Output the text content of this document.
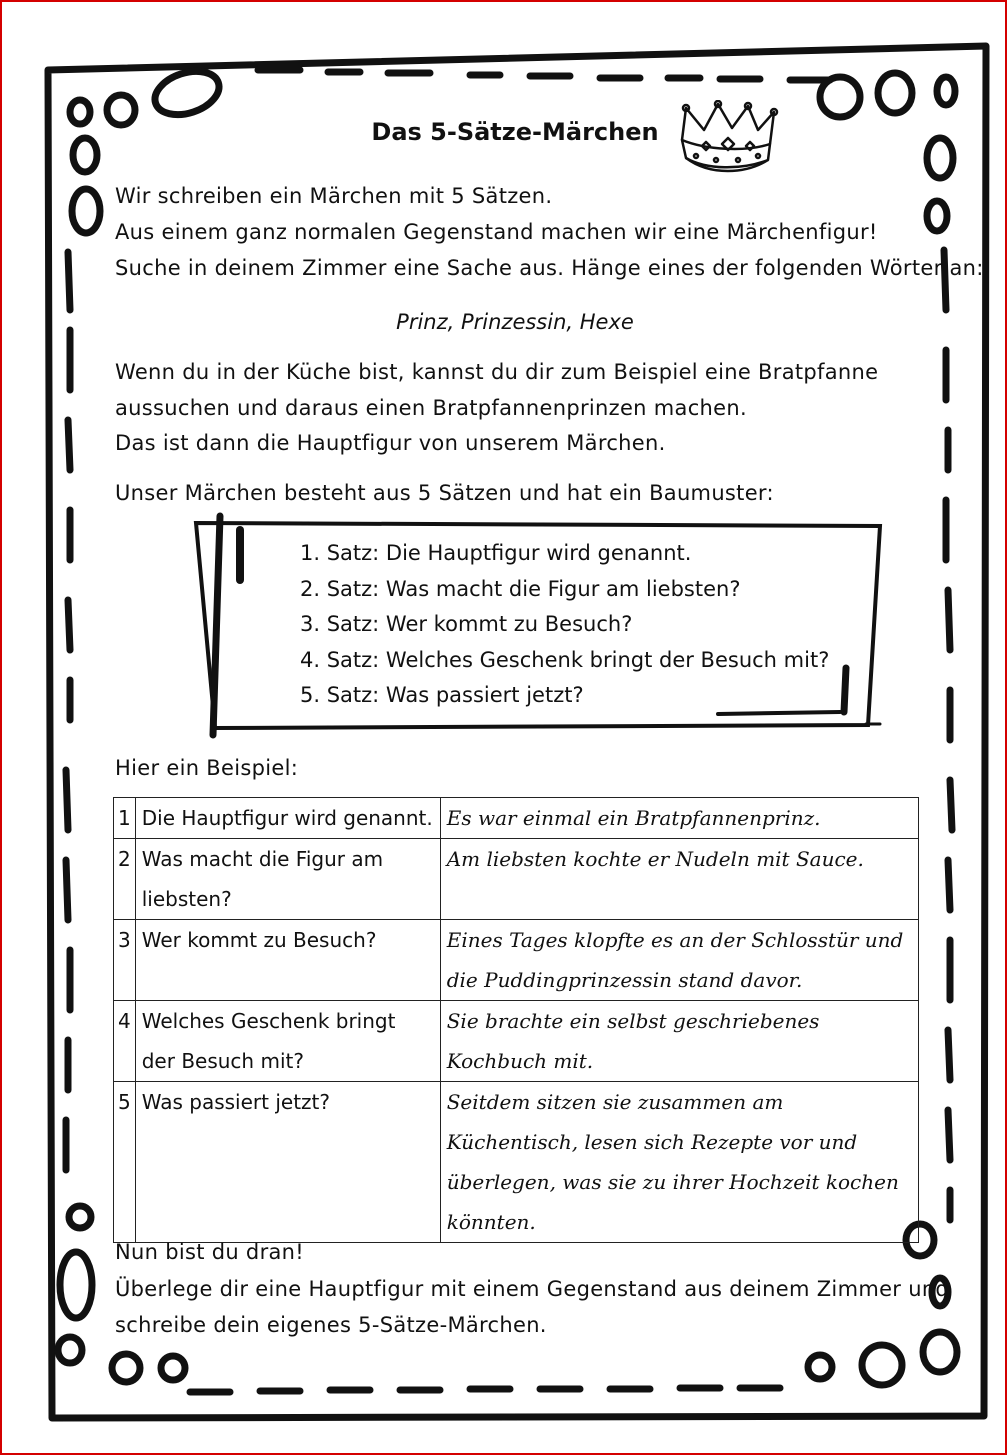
Das 5-Sätze-Märchen
Wir schreiben ein Märchen mit 5 Sätzen.
Aus einem ganz normalen Gegenstand machen wir eine Märchenfigur!
Suche in deinem Zimmer eine Sache aus. Hänge eines der folgenden Wörter an:
Prinz, Prinzessin, Hexe
Wenn du in der Küche bist, kannst du dir zum Beispiel eine Bratpfanne
aussuchen und daraus einen Bratpfannenprinzen machen.
Das ist dann die Hauptfigur von unserem Märchen.
Unser Märchen besteht aus 5 Sätzen und hat ein Baumuster:
1. Satz: Die Hauptfigur wird genannt.
2. Satz: Was macht die Figur am liebsten?
3. Satz: Wer kommt zu Besuch?
4. Satz: Welches Geschenk bringt der Besuch mit?
5. Satz: Was passiert jetzt?
Hier ein Beispiel:
1	Die Hauptfigur wird genannt.	Es war einmal ein Bratpfannenprinz.
2	Was macht die Figur am liebsten?	Am liebsten kochte er Nudeln mit Sauce.
3	Wer kommt zu Besuch?	Eines Tages klopfte es an der Schlosstür und die Puddingprinzessin stand davor.
4	Welches Geschenk bringt der Besuch mit?	Sie brachte ein selbst geschriebenes Kochbuch mit.
5	Was passiert jetzt?	Seitdem sitzen sie zusammen am Küchentisch, lesen sich Rezepte vor und überlegen, was sie zu ihrer Hochzeit kochen könnten.
Nun bist du dran!
Überlege dir eine Hauptfigur mit einem Gegenstand aus deinem Zimmer und
schreibe dein eigenes 5-Sätze-Märchen.
